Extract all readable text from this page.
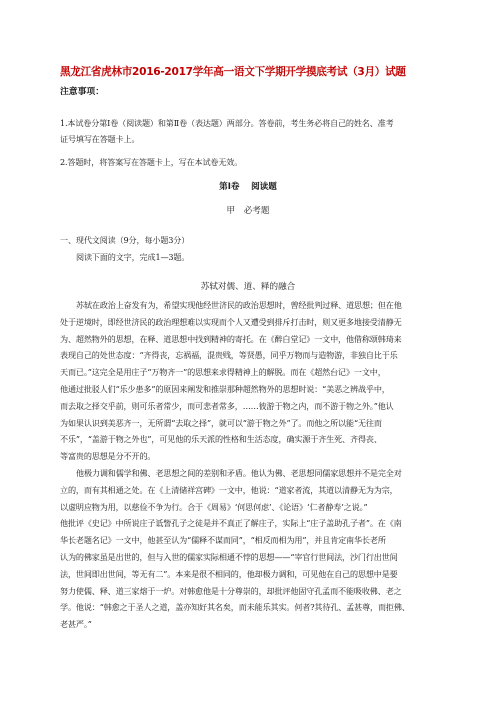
黑龙江省虎林市2016-2017学年高一语文下学期开学摸底考试（3月）试题
注意事项：
1.本试卷分第Ⅰ卷（阅读题）和第Ⅱ卷（表达题）两部分。答卷前，考生务必将自己的姓名、准考
证号填写在答题卡上。
2.答题时，将答案写在答题卡上，写在本试卷无效。
第Ⅰ卷　 阅读题
甲　必考题
一、现代文阅读（9分，每小题3分）
阅读下面的文字，完成1—3题。
苏轼对儒、道、释的融合
苏轼在政治上奋发有为，希望实现他经世济民的政治思想时，曾经批判过释、道思想；但在他
处于逆境时，即经世济民的政治理想难以实现而个人又遭受到排斥打击时，则又更多地接受清静无
为、超然物外的思想，在释、道思想中找到精神的寄托。在《醉白堂记》一文中，他借称颂韩琦来
表现自己的处世态度：“齐得丧，忘祸福，混贵贱，等贤愚，同乎万物而与造物游，非独自比于乐
天而已。”这完全是用庄子“万物齐一”的思想来求得精神上的解脱。而在《超然台记》一文中，
他通过批驳人们“乐少患多”的原因来阐发和推崇那种超然物外的思想时说：“美恶之辨战乎中，
而去取之择交乎前，则可乐者常少，而可悲者常多，……彼游于物之内，而不游于物之外。”他认
为如果认识到美恶齐一，无所谓“去取之择”，就可以“游于物之外”了。而他之所以能“无往而
不乐”，“盖游于物之外也”，可见他的乐天派的性格和生活态度，确实源于齐生死、齐得丧、
等富贵的思想是分不开的。
他极力调和儒学和佛、老思想之间的差别和矛盾。他认为佛、老思想同儒家思想并不是完全对
立的，而有其相通之处。在《上清储祥宫碑》一文中，他说：“道家者流，其道以清静无为为宗，
以虚明应物为用，以慈俭不争为行。合于《周易》‘何思何虑’、《论语》‘仁者静寿’之说。”
他批评《史记》中所说庄子诋訾孔子之徒是并不真正了解庄子，实际上“庄子盖助孔子者”。在《南
华长老题名记》一文中，他甚至认为“儒释不谋而同”，“相反而相为用”，并且肯定南华长老所
认为的佛家虽是出世的，但与入世的儒家实际相通不悖的思想——“宰官行世间法，沙门行出世间
法，世间即出世间，等无有二”。本来是很不相同的，他却极力调和，可见他在自己的思想中是要
努力使儒、释、道三家熔于一炉。对韩愈他是十分尊崇的，却批评他固守孔孟而不能吸收佛、老之
学。他说：“韩愈之于圣人之道，盖亦知好其名矣，而未能乐其实。何者?其待孔、孟甚尊，而拒佛、
老甚严。”
